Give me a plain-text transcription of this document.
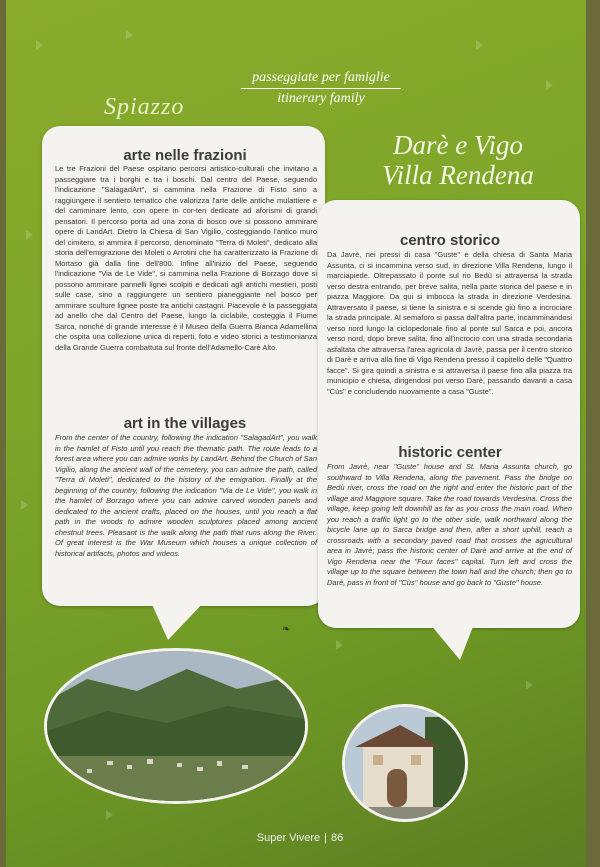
passeggiate per famiglie
itinerary family
Spiazzo
Darè e Vigo
Villa Rendena
arte nelle frazioni
Le tre Frazioni del Paese ospitano percorsi artistico-culturali che invitano a passeggiare tra i borghi e tra i boschi. Dal centro del Paese, seguendo l'indicazione "SalagadArt", si cammina nella Frazione di Fisto sino a raggiungere il sentiero tematico che valorizza l'arte delle antiche mulattiere e del camminare lento, con opere in cor-ten dedicate ad aforismi di grandi pensatori. Il percorso porta ad una zona di bosco ove si possono ammirare opere di LandArt. Dietro la Chiesa di San Vigilio, costeggiando l'antico muro del cimitero, si ammira il percorso, denominato "Terra di Moleti", dedicato alla storia dell'emigrazione dei Moleti o Arrotini che ha caratterizzato la Frazione di Mortaso già dalla fine dell'800. Infine all'inizio del Paese, seguendo l'indicazione "Via de Le Vide", si cammina nella Frazione di Borzago dove si possono ammirare pannelli lignei scolpiti e dedicati agli antichi mestieri, posti sulle case, sino a raggiungere un sentiero pianeggiante nel bosco per ammirare sculture lignee poste tra antichi castagni. Piacevole è la passeggiata ad anello che dal Centro del Paese, lungo la ciclabile, costeggia il Fiume Sarca, nonché di grande interesse è il Museo della Guerra Bianca Adamellina che ospita una collezione unica di reperti, foto e video storici a testimonianza della Grande Guerra combattuta sul fronte dell'Adamello-Carè Alto.
art in the villages
From the center of the country, following the indication "SalagadArt", you walk in the hamlet of Fisto until you reach the thematic path. The route leads to a forest area where you can admire works by LandArt. Behind the Church of San Vigilio, along the ancient wall of the cemetery, you can admire the path, called "Terra di Moleti", dedicated to the history of the emigration. Finally at the beginning of the country, following the indication "Via de Le Vide", you walk in the hamlet of Borzago where you can admire carved wooden panels and dedicated to the ancient crafts, placed on the houses, until you reach a flat path in the woods to admire wooden sculptures placed among ancient chestnut trees. Pleasant is the walk along the path that runs along the River. Of great interest is the War Museum which houses a unique collection of historical artifacts, photos and videos.
centro storico
Da Javrè, nei pressi di casa "Guste" e della chiesa di Santa Maria Assunta, ci si incammina verso sud, in direzione Villa Rendena, lungo il marciapiede. Oltrepassato il ponte sul rio Bedù si attraversa la strada verso destra entrando, per breve salita, nella parte storica del paese e in piazza Maggiore. Da qui si imbocca la strada in direzione Verdesina. Attraversato il paese, si tiene la sinistra e si scende giù fino a incrociare la strada principale. Al semaforo si passa dall'altra parte, incamminandosi verso nord lungo la ciclopedonale fino al ponte sul Sarca e poi, ancora verso nord, dopo breve salita, fino all'incrocio con una strada secondaria asfaltata che attraversa l'area agricola di Javrè, passa per il centro storico di Darè e arriva alla fine di Vigo Rendena presso il capitello delle "Quattro facce". Si gira quindi a sinistra e si attraversa il paese fino alla piazza tra municipio e chiesa, dirigendosi poi verso Darè, passando davanti a casa "Cùs" e concludendo nuovamente a casa "Guste".
historic center
From Javrè, near "Guste" house and St. Maria Assunta church, go southward to Villa Rendena, along the pavement. Pass the bridge on Bedù river, cross the road on the right and enter the historic part of the village and Maggiore square. Take the road towards Verdesina. Cross the village, keep going left downhill as far as you cross the main road. When you reach a traffic light go to the other side, walk northward along the bicycle lane up to Sarca bridge and then, after a short uphill, reach a crossroads with a secondary paved road that crosses the agricultural area in Javrè; pass the historic center of Darè and arrive at the end of Vigo Rendena near the "Four faces" capital. Turn left and cross the village up to the square between the town hall and the church; then go to Darè, pass in front of "Cùs" house and go back to "Guste" house.
❧
Super Vivere | 86
